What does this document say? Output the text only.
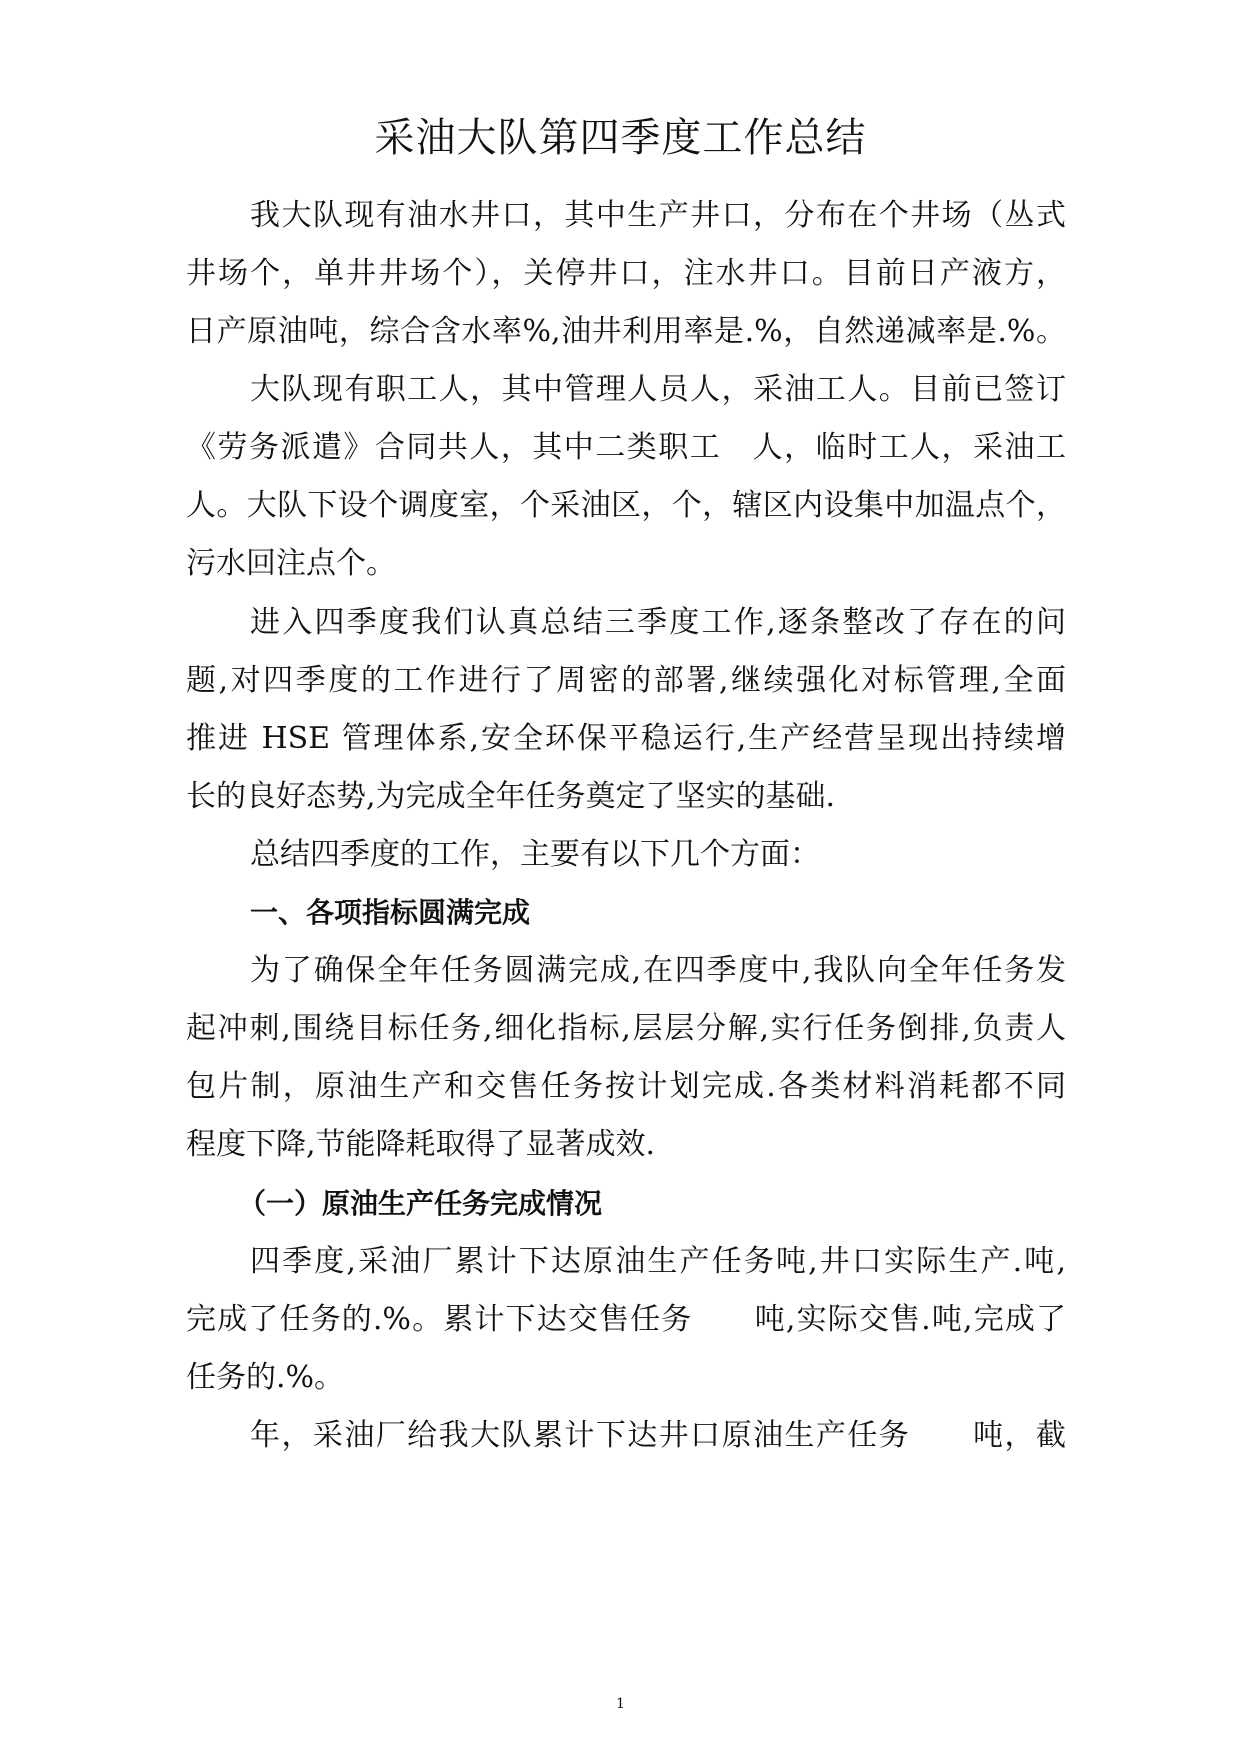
采油大队第四季度工作总结
我大队现有油水井口，其中生产井口，分布在个井场（丛式
井场个，单井井场个），关停井口，注水井口。目前日产液方，
日产原油吨，综合含水率%,油井利用率是.%，自然递减率是.%。
大队现有职工人，其中管理人员人，采油工人。目前已签订
《劳务派遣》合同共人，其中二类职工　人，临时工人，采油工
人。大队下设个调度室，个采油区，个，辖区内设集中加温点个，
污水回注点个。
进入四季度我们认真总结三季度工作,逐条整改了存在的问
题,对四季度的工作进行了周密的部署,继续强化对标管理,全面
推进 HSE 管理体系,安全环保平稳运行,生产经营呈现出持续增
长的良好态势,为完成全年任务奠定了坚实的基础.
总结四季度的工作，主要有以下几个方面：
一、各项指标圆满完成
为了确保全年任务圆满完成,在四季度中,我队向全年任务发
起冲刺,围绕目标任务,细化指标,层层分解,实行任务倒排,负责人
包片制，原油生产和交售任务按计划完成.各类材料消耗都不同
程度下降,节能降耗取得了显著成效.
（一）原油生产任务完成情况
四季度,采油厂累计下达原油生产任务吨,井口实际生产.吨,
完成了任务的.%。累计下达交售任务　　吨,实际交售.吨,完成了
任务的.%。
年，采油厂给我大队累计下达井口原油生产任务　　吨，截
1
